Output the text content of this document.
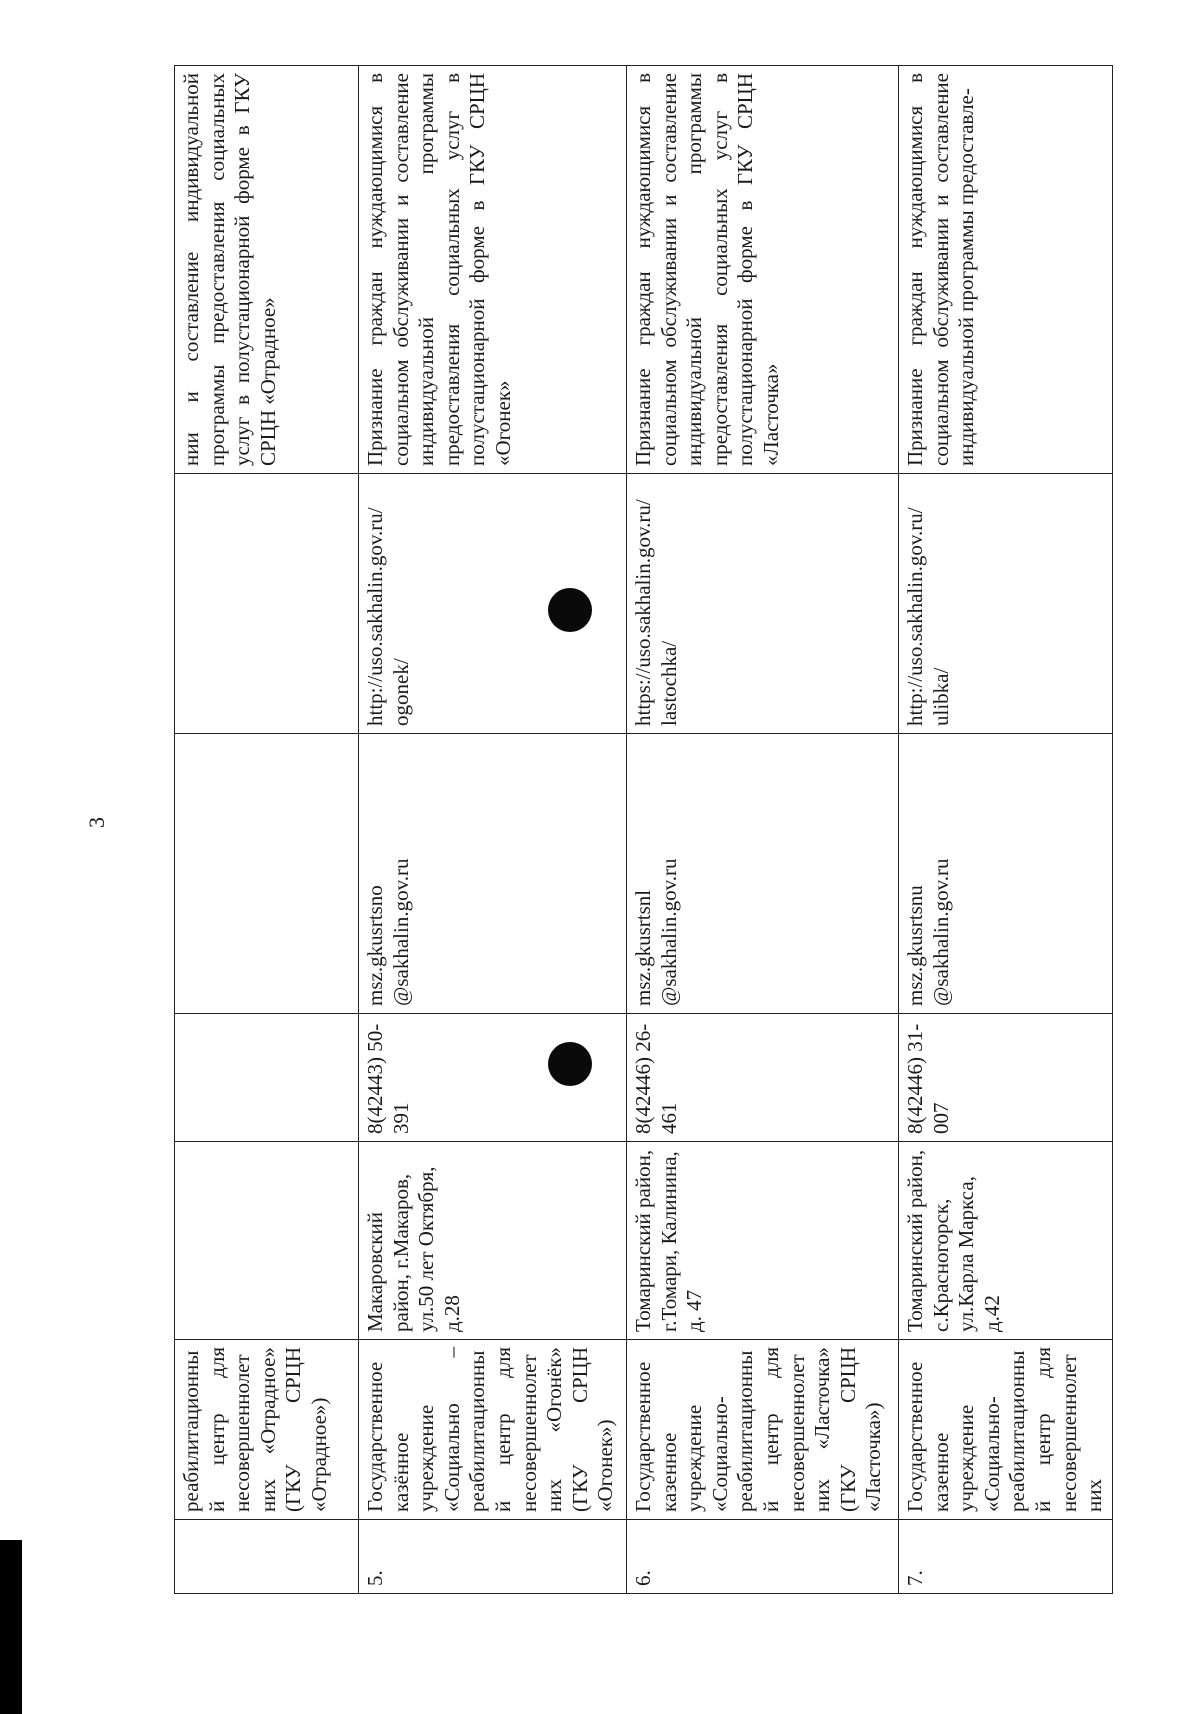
3
	реабилитационный центр для несовершеннолетних «Отрадное» (ГКУ СРЦН «Отрадное»)					нии и составление индивидуальной программы предоставления социальных услуг в полустационарной форме в ГКУ СРЦН «Отрадное»
5.	Государственное казённое учреждение «Социально – реабилитационный центр для несовершеннолетних «Огонёк» (ГКУ СРЦН «Огонек»)	Макаровский район, г.Макаров, ул.50 лет Октября, д.28	8(42443) 50-391	msz.gkusrtsno @sakhalin.gov.ru	http://uso.sakhalin.gov.ru/ ogonek/	Признание граждан нуждающимися в социальном обслуживании и составление индивидуальной программы предоставления социальных услуг в полустационарной форме в ГКУ СРЦН «Огонек»
6.	Государственное казенное учреждение «Социально-реабилитационный центр для несовершеннолетних «Ласточка» (ГКУ СРЦН «Ласточка»)	Томаринский район, г.Томари, Калинина, д. 47	8(42446) 26-461	msz.gkusrtsnl @sakhalin.gov.ru	https://uso.sakhalin.gov.ru/ lastochka/	Признание граждан нуждающимися в социальном обслуживании и составление индивидуальной программы предоставления социальных услуг в полустационарной форме в ГКУ СРЦН «Ласточка»
7.	Государственное казенное учреждение «Социально-реабилитационный центр для несовершеннолетних	Томаринский район, с.Красногорск, ул.Карла Маркса, д.42	8(42446) 31-007	msz.gkusrtsnu @sakhalin.gov.ru	http://uso.sakhalin.gov.ru/ ulibka/	Признание граждан нуждающимися в социальном обслуживании и составление индивидуальной программы предоставле-
